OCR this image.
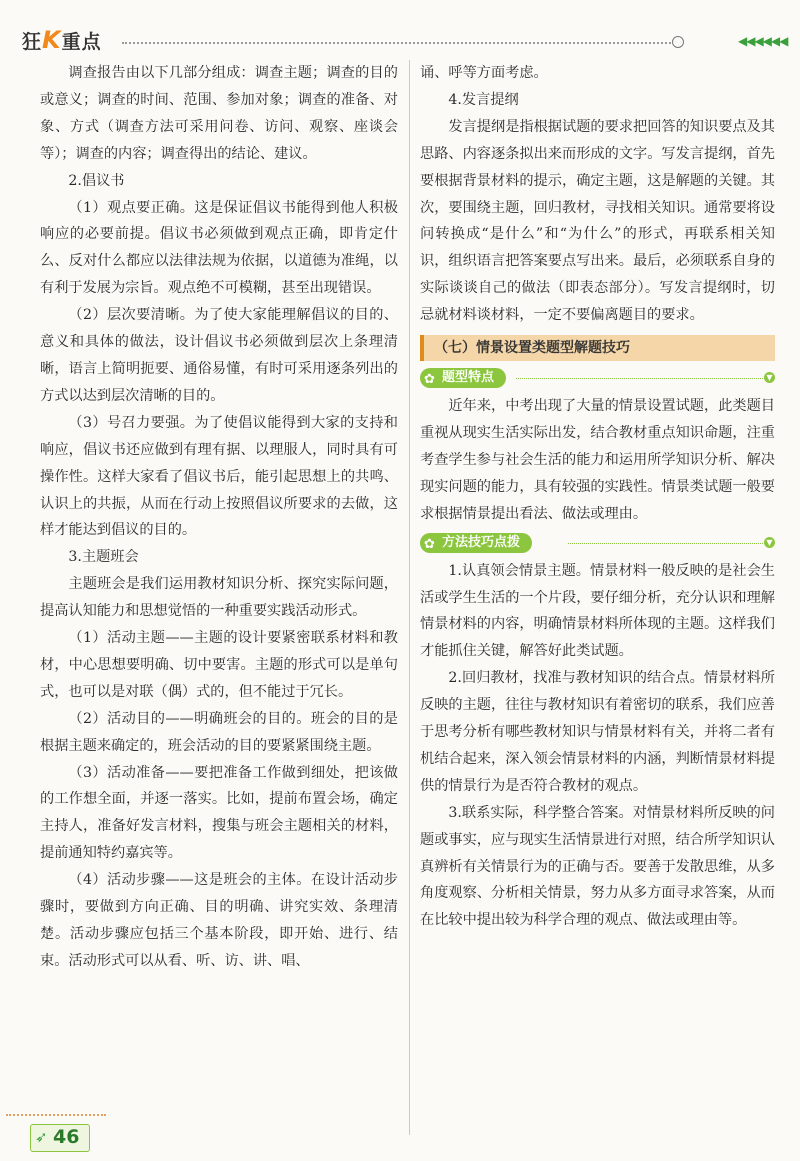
狂K重点	◀◀◀◀◀◀

调查报告由以下几部分组成：调查主题；调查的目的或意义；调查的时间、范围、参加对象；调查的准备、对象、方式（调查方法可采用问卷、访问、观察、座谈会等）；调查的内容；调查得出的结论、建议。

2.倡议书

（1）观点要正确。这是保证倡议书能得到他人积极响应的必要前提。倡议书必须做到观点正确，即肯定什么、反对什么都应以法律法规为依据，以道德为准绳，以有利于发展为宗旨。观点绝不可模糊，甚至出现错误。

（2）层次要清晰。为了使大家能理解倡议的目的、意义和具体的做法，设计倡议书必须做到层次上条理清晰，语言上简明扼要、通俗易懂，有时可采用逐条列出的方式以达到层次清晰的目的。

（3）号召力要强。为了使倡议能得到大家的支持和响应，倡议书还应做到有理有据、以理服人，同时具有可操作性。这样大家看了倡议书后，能引起思想上的共鸣、认识上的共振，从而在行动上按照倡议所要求的去做，这样才能达到倡议的目的。

3.主题班会

主题班会是我们运用教材知识分析、探究实际问题，提高认知能力和思想觉悟的一种重要实践活动形式。

（1）活动主题——主题的设计要紧密联系材料和教材，中心思想要明确、切中要害。主题的形式可以是单句式，也可以是对联（偶）式的，但不能过于冗长。

（2）活动目的——明确班会的目的。班会的目的是根据主题来确定的，班会活动的目的要紧紧围绕主题。

（3）活动准备——要把准备工作做到细处，把该做的工作想全面，并逐一落实。比如，提前布置会场，确定主持人，准备好发言材料，搜集与班会主题相关的材料，提前通知特约嘉宾等。

（4）活动步骤——这是班会的主体。在设计活动步骤时，要做到方向正确、目的明确、讲究实效、条理清楚。活动步骤应包括三个基本阶段，即开始、进行、结束。活动形式可以从看、听、访、讲、唱、

诵、呼等方面考虑。

4.发言提纲

发言提纲是指根据试题的要求把回答的知识要点及其思路、内容逐条拟出来而形成的文字。写发言提纲，首先要根据背景材料的提示，确定主题，这是解题的关键。其次，要围绕主题，回归教材，寻找相关知识。通常要将设问转换成“是什么”和“为什么”的形式，再联系相关知识，组织语言把答案要点写出来。最后，必须联系自身的实际谈谈自己的做法（即表态部分）。写发言提纲时，切忌就材料谈材料，一定不要偏离题目的要求。

（七）情景设置类题型解题技巧
✿ 题型特点	▼

近年来，中考出现了大量的情景设置试题，此类题目重视从现实生活实际出发，结合教材重点知识命题，注重考查学生参与社会生活的能力和运用所学知识分析、解决现实问题的能力，具有较强的实践性。情景类试题一般要求根据情景提出看法、做法或理由。

✿ 方法技巧点拨	▼

1.认真领会情景主题。情景材料一般反映的是社会生活或学生生活的一个片段，要仔细分析，充分认识和理解情景材料的内容，明确情景材料所体现的主题。这样我们才能抓住关键，解答好此类试题。

2.回归教材，找准与教材知识的结合点。情景材料所反映的主题，往往与教材知识有着密切的联系，我们应善于思考分析有哪些教材知识与情景材料有关，并将二者有机结合起来，深入领会情景材料的内涵，判断情景材料提供的情景行为是否符合教材的观点。

3.联系实际，科学整合答案。对情景材料所反映的问题或事实，应与现实生活情景进行对照，结合所学知识认真辨析有关情景行为的正确与否。要善于发散思维，从多角度观察、分析相关情景，努力从多方面寻求答案，从而在比较中提出较为科学合理的观点、做法或理由等。

➶ 46
